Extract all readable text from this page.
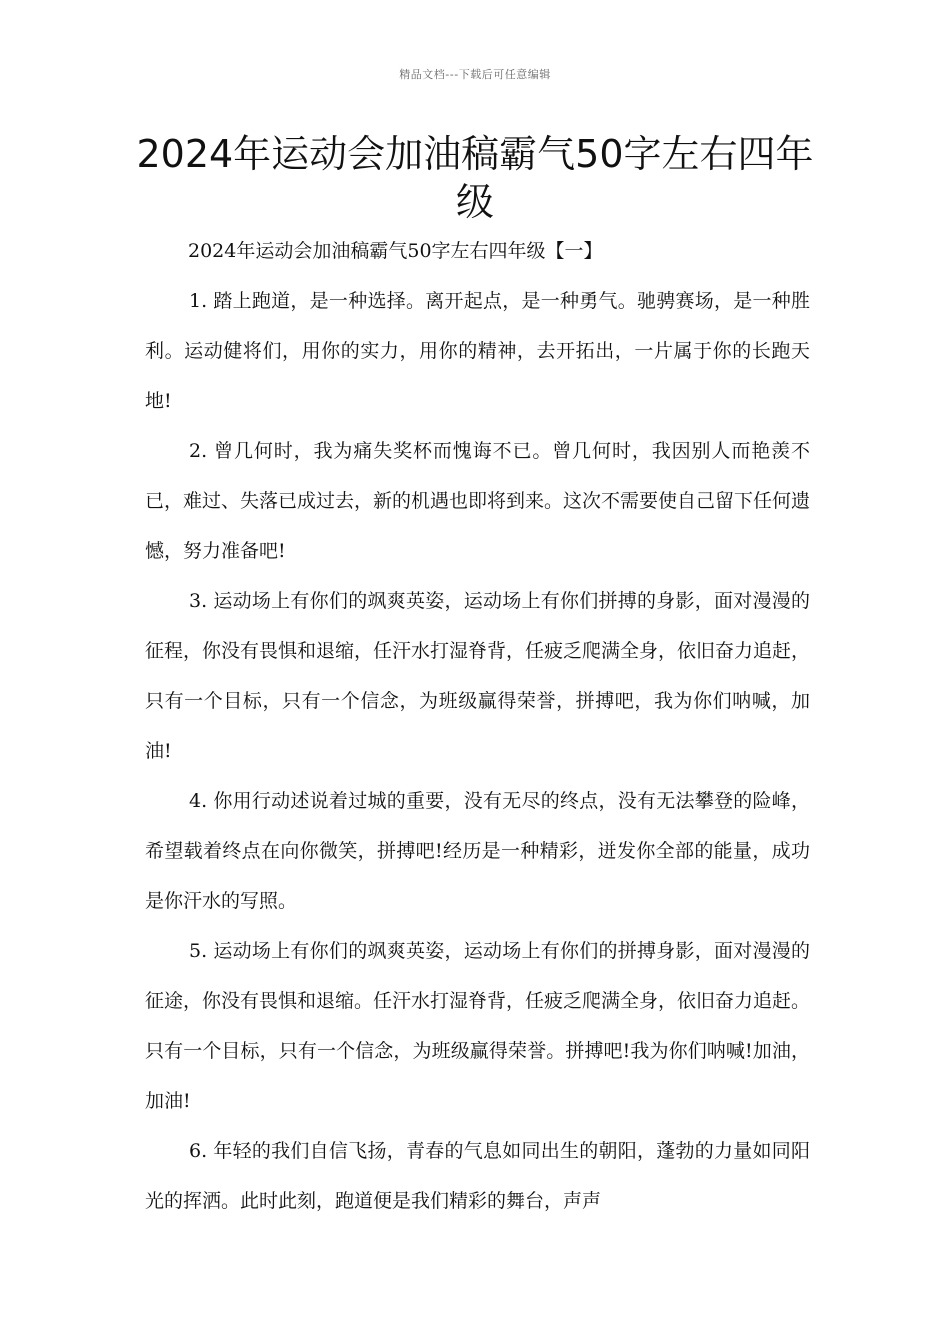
精品文档---下载后可任意编辑
2024年运动会加油稿霸气50字左右四年级
2024年运动会加油稿霸气50字左右四年级【一】

1. 踏上跑道，是一种选择。离开起点，是一种勇气。驰骋赛场，是一种胜利。运动健将们，用你的实力，用你的精神，去开拓出，一片属于你的长跑天地!

2. 曾几何时，我为痛失奖杯而愧诲不已。曾几何时，我因别人而艳羡不已，难过、失落已成过去，新的机遇也即将到来。这次不需要使自己留下任何遗憾，努力准备吧!

3. 运动场上有你们的飒爽英姿，运动场上有你们拼搏的身影，面对漫漫的征程，你没有畏惧和退缩，任汗水打湿脊背，任疲乏爬满全身，依旧奋力追赶，只有一个目标，只有一个信念，为班级赢得荣誉，拼搏吧，我为你们呐喊，加油!

4. 你用行动述说着过城的重要，没有无尽的终点，没有无法攀登的险峰，希望载着终点在向你微笑，拼搏吧!经历是一种精彩，迸发你全部的能量，成功是你汗水的写照。

5. 运动场上有你们的飒爽英姿，运动场上有你们的拼搏身影，面对漫漫的征途，你没有畏惧和退缩。任汗水打湿脊背，任疲乏爬满全身，依旧奋力追赶。只有一个目标，只有一个信念，为班级赢得荣誉。拼搏吧!我为你们呐喊!加油，加油!

6. 年轻的我们自信飞扬，青春的气息如同出生的朝阳，蓬勃的力量如同阳光的挥洒。此时此刻，跑道便是我们精彩的舞台，声声
